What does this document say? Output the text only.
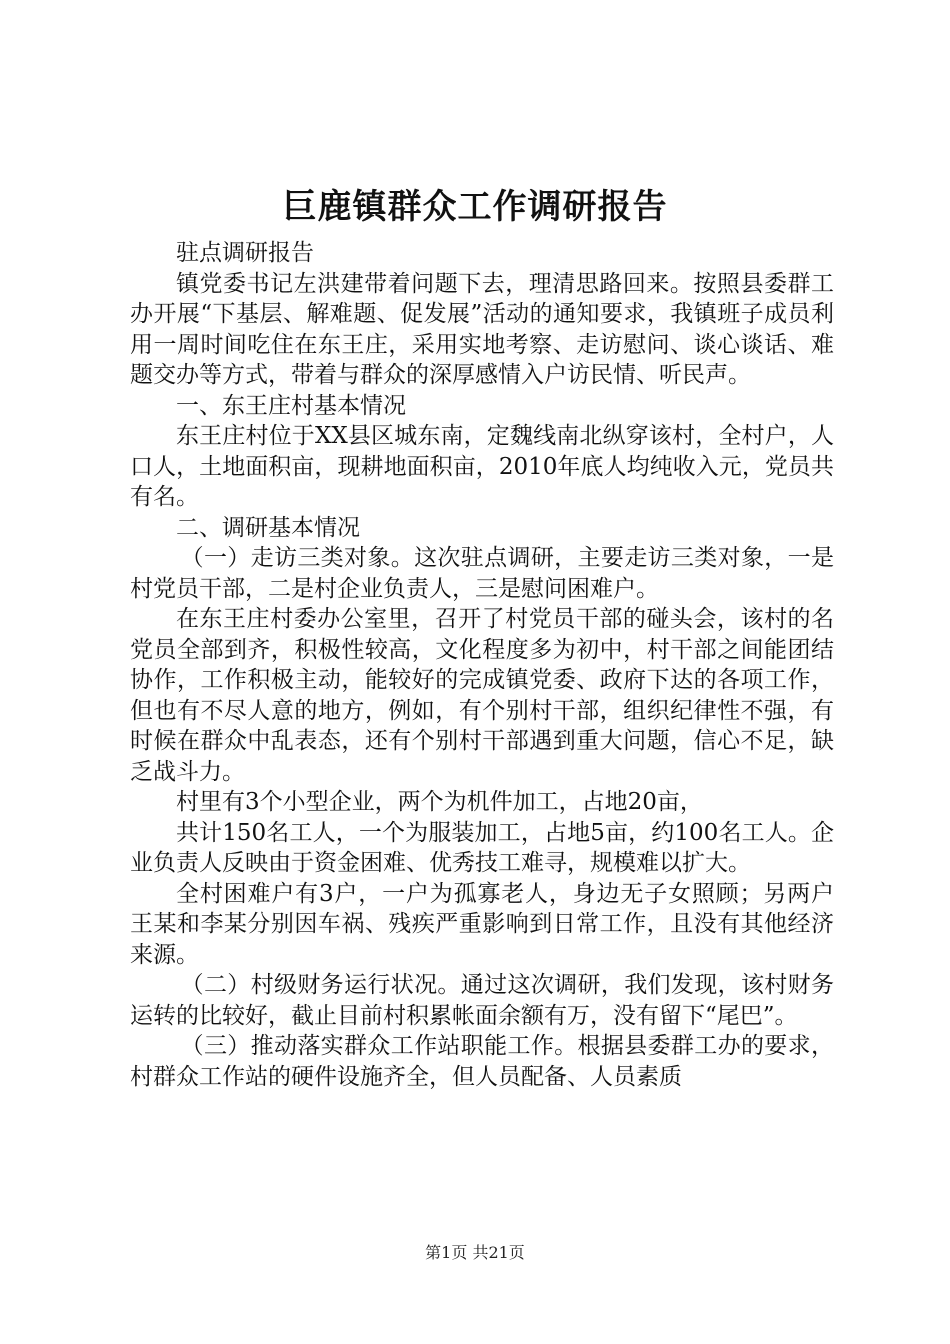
巨鹿镇群众工作调研报告

驻点调研报告

镇党委书记左洪建带着问题下去，理清思路回来。按照县委群工办开展“下基层、解难题、促发展”活动的通知要求，我镇班子成员利用一周时间吃住在东王庄，采用实地考察、走访慰问、谈心谈话、难题交办等方式，带着与群众的深厚感情入户访民情、听民声。

一、东王庄村基本情况

东王庄村位于XX县区城东南，定魏线南北纵穿该村，全村户，人口人，土地面积亩，现耕地面积亩，2010年底人均纯收入元，党员共有名。

二、调研基本情况

（一）走访三类对象。这次驻点调研，主要走访三类对象，一是村党员干部，二是村企业负责人，三是慰问困难户。

在东王庄村委办公室里，召开了村党员干部的碰头会，该村的名党员全部到齐，积极性较高，文化程度多为初中，村干部之间能团结协作，工作积极主动，能较好的完成镇党委、政府下达的各项工作，但也有不尽人意的地方，例如，有个别村干部，组织纪律性不强，有时候在群众中乱表态，还有个别村干部遇到重大问题，信心不足，缺乏战斗力。

村里有3个小型企业，两个为机件加工，占地20亩，

共计150名工人，一个为服装加工，占地5亩，约100名工人。企业负责人反映由于资金困难、优秀技工难寻，规模难以扩大。

全村困难户有3户，一户为孤寡老人，身边无子女照顾；另两户王某和李某分别因车祸、残疾严重影响到日常工作，且没有其他经济来源。

（二）村级财务运行状况。通过这次调研，我们发现，该村财务运转的比较好，截止目前村积累帐面余额有万，没有留下“尾巴”。

（三）推动落实群众工作站职能工作。根据县委群工办的要求，村群众工作站的硬件设施齐全，但人员配备、人员素质

第1页 共21页
